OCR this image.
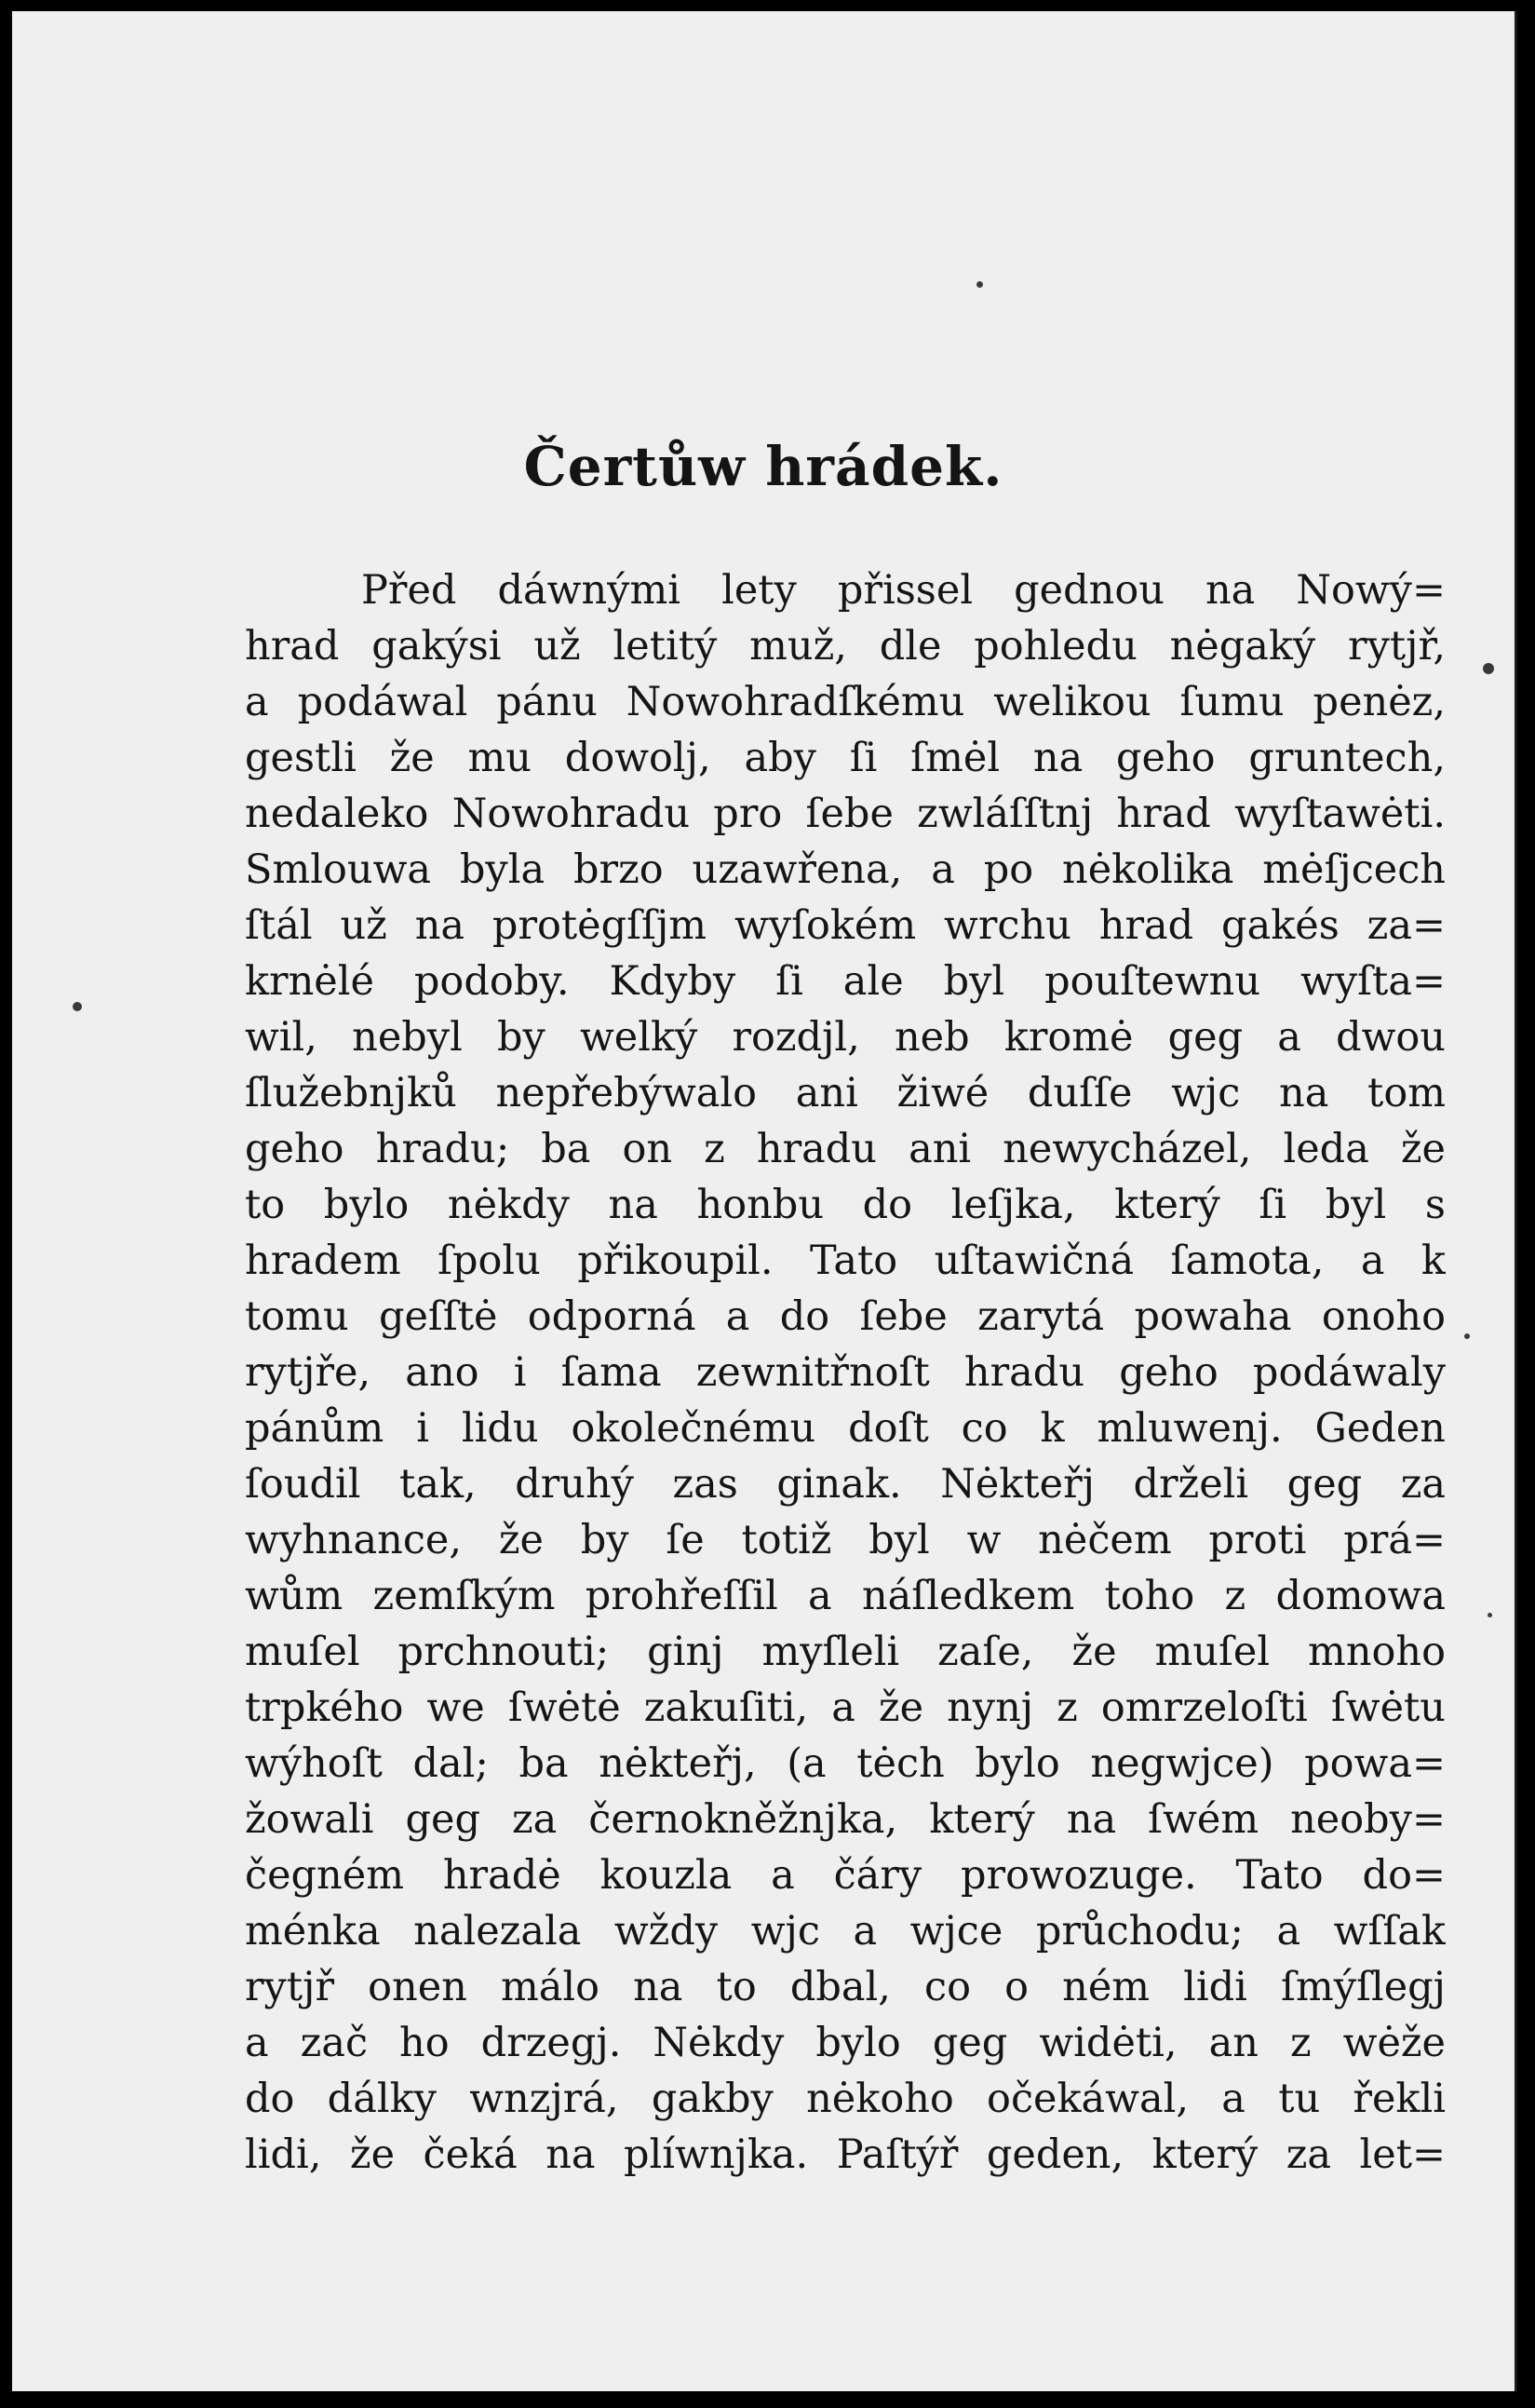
Čertůw hrádek.
Před dáwnými lety přissel gednou na Nowý=
hrad gakýsi už letitý muž, dle pohledu nėgaký rytjř,
a podáwal pánu Nowohradſkému welikou ſumu penėz,
gestli že mu dowolj, aby ſi ſmėl na geho gruntech,
nedaleko Nowohradu pro ſebe zwláſſtnj hrad wyſtawėti.
Smlouwa byla brzo uzawřena, a po nėkolika mėſjcech
ſtál už na protėgſſjm wyſokém wrchu hrad gakés za=
krnėlé podoby. Kdyby ſi ale byl pouſtewnu wyſta=
wil, nebyl by welký rozdjl, neb kromė geg a dwou
ſlužebnjků nepřebýwalo ani žiwé duſſe wjc na tom
geho hradu; ba on z hradu ani newycházel, leda že
to bylo nėkdy na honbu do leſjka, který ſi byl s
hradem ſpolu přikoupil. Tato uſtawičná ſamota, a k
tomu geſſtė odporná a do ſebe zarytá powaha onoho
rytjře, ano i ſama zewnitřnoſt hradu geho podáwaly
pánům i lidu okolečnému doſt co k mluwenj. Geden
ſoudil tak, druhý zas ginak. Nėkteřj drželi geg za
wyhnance, že by ſe totiž byl w nėčem proti prá=
wům zemſkým prohřeſſil a náſledkem toho z domowa
muſel prchnouti; ginj myſleli zaſe, že muſel mnoho
trpkého we ſwėtė zakuſiti, a že nynj z omrzeloſti ſwėtu
wýhoſt dal; ba nėkteřj, (a tėch bylo negwjce) powa=
žowali geg za černokněžnjka, který na ſwém neoby=
čegném hradė kouzla a čáry prowozuge. Tato do=
ménka nalezala wždy wjc a wjce průchodu; a wſſak
rytjř onen málo na to dbal, co o ném lidi ſmýſlegj
a zač ho drzegj. Nėkdy bylo geg widėti, an z wėže
do dálky wnzjrá, gakby nėkoho očekáwal, a tu řekli
lidi, že čeká na plíwnjka. Paſtýř geden, který za let=
